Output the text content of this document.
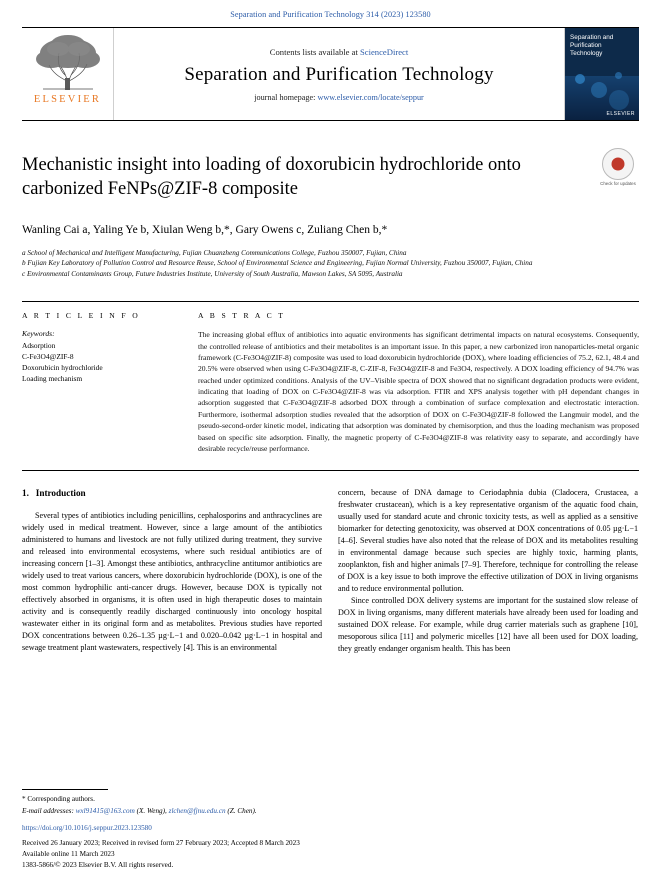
Separation and Purification Technology 314 (2023) 123580
ELSEVIER
Contents lists available at ScienceDirect
Separation and Purification Technology
journal homepage: www.elsevier.com/locate/seppur
Separation and Purification Technology
ELSEVIER
Check for updates
Mechanistic insight into loading of doxorubicin hydrochloride onto carbonized FeNPs@ZIF-8 composite
Wanling Cai a, Yaling Ye b, Xiulan Weng b,*, Gary Owens c, Zuliang Chen b,*
a School of Mechanical and Intelligent Manufacturing, Fujian Chuanzheng Communications College, Fuzhou 350007, Fujian, China
b Fujian Key Laboratory of Pollution Control and Resource Reuse, School of Environmental Science and Engineering, Fujian Normal University, Fuzhou 350007, Fujian, China
c Environmental Contaminants Group, Future Industries Institute, University of South Australia, Mawson Lakes, SA 5095, Australia
A R T I C L E I N F O
Keywords:
Adsorption
C-Fe3O4@ZIF-8
Doxorubicin hydrochloride
Loading mechanism
A B S T R A C T
The increasing global efflux of antibiotics into aquatic environments has significant detrimental impacts on natural ecosystems. Consequently, the controlled release of antibiotics and their metabolites is an important issue. In this paper, a new carbonized iron nanoparticles-metal organic framework (C-Fe3O4@ZIF-8) composite was used to load doxorubicin hydrochloride (DOX), where loading efficiencies of 75.2, 62.1, 48.4 and 20.5% were observed when using C-Fe3O4@ZIF-8, C-ZIF-8, Fe3O4@ZIF-8 and Fe3O4, respectively. A DOX loading efficiency of 94.7% was reached under optimized conditions. Analysis of the UV–Visible spectra of DOX showed that no significant degradation products were evident, indicating that loading of DOX on C-Fe3O4@ZIF-8 was via adsorption. FTIR and XPS analysis together with pH dependant changes in adsorption suggested that C-Fe3O4@ZIF-8 adsorbed DOX through a combination of surface complexation and electrostatic interaction. Furthermore, isothermal adsorption studies revealed that the adsorption of DOX on C-Fe3O4@ZIF-8 followed the Langmuir model, and the pseudo-second-order kinetic model, indicating that adsorption was dominated by chemisorption, and thus the loading mechanism was proposed based on specific site adsorption. Finally, the magnetic property of C-Fe3O4@ZIF-8 was relativity easy to separate, and accordingly have desirable recycle/reuse performance.
1. Introduction

Several types of antibiotics including penicillins, cephalosporins and anthracyclines are widely used in medical treatment. However, since a large amount of the antibiotics administered to humans and livestock are not fully utilized during treatment, they survive and released into environmental ecosystems, where such residual antibiotics are of increasing concern [1–3]. Amongst these antibiotics, anthracycline antitumor antibiotics are widely used to treat various cancers, where doxorubicin hydrochloride (DOX), is one of the most common hydrophilic anti-cancer drugs. However, because DOX is typically not effectively absorbed in organisms, it is often used in high therapeutic doses to maintain activity and is consequently readily discharged continuously into oncology hospital wastewater either in its original form and as metabolites. Previous studies have reported DOX concentrations between 0.26–1.35 µg·L−1 and 0.020–0.042 µg·L−1 in hospital and sewage treatment plant wastewaters, respectively [4]. This is an environmental

concern, because of DNA damage to Ceriodaphnia dubia (Cladocera, Crustacea, a freshwater crustacean), which is a key representative organism of the aquatic food chain, usually used for standard acute and chronic toxicity tests, as well as applied as a sensitive biomarker for detecting genotoxicity, was observed at DOX concentrations of 0.05 µg·L−1 [4–6]. Several studies have also noted that the release of DOX and its metabolites resulting in environmental damage because such species are highly toxic, harming plants, zooplankton, fish and higher animals [7–9]. Therefore, technique for controlling the release of DOX is a key issue to both improve the effective utilization of DOX in living organisms and to reduce environmental pollution.

Since controlled DOX delivery systems are important for the sustained slow release of DOX in living organisms, many different materials have already been used for loading and sustained DOX release. For example, while drug carrier materials such as graphene [10], mesoporous silica [11] and polymeric micelles [12] have all been used for DOX loading, they greatly endanger organism health. This has been

* Corresponding authors.
E-mail addresses: wxl91415@163.com (X. Weng), zlchen@fjnu.edu.cn (Z. Chen).
https://doi.org/10.1016/j.seppur.2023.123580
Received 26 January 2023; Received in revised form 27 February 2023; Accepted 8 March 2023
Available online 11 March 2023
1383-5866/© 2023 Elsevier B.V. All rights reserved.
